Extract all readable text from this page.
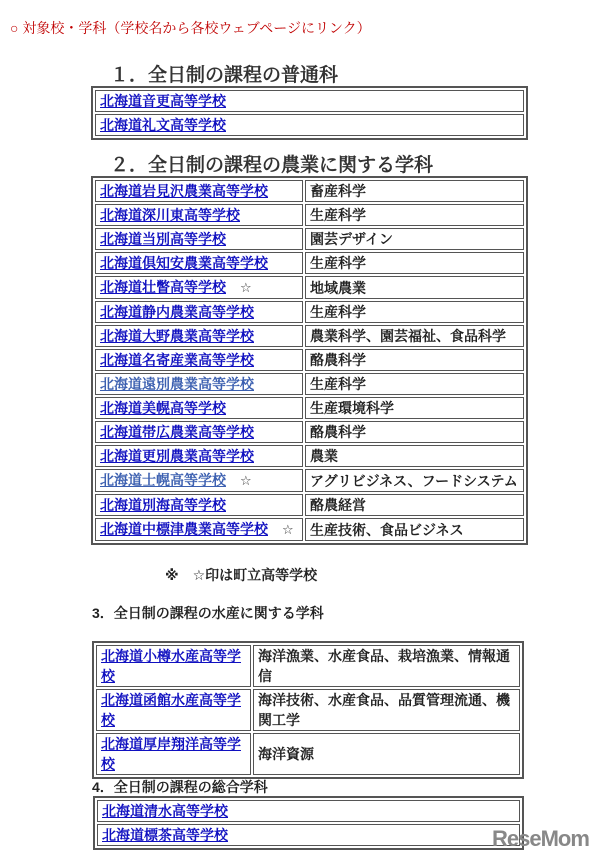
○ 対象校・学科（学校名から各校ウェブページにリンク）
１．全日制の課程の普通科
北海道音更高等学校
北海道礼文高等学校
２．全日制の課程の農業に関する学科
北海道岩見沢農業高等学校	畜産科学
北海道深川東高等学校	生産科学
北海道当別高等学校	園芸デザイン
北海道倶知安農業高等学校	生産科学
北海道壮瞥高等学校 ☆	地域農業
北海道静内農業高等学校	生産科学
北海道大野農業高等学校	農業科学、園芸福祉、食品科学
北海道名寄産業高等学校	酪農科学
北海道遠別農業高等学校	生産科学
北海道美幌高等学校	生産環境科学
北海道帯広農業高等学校	酪農科学
北海道更別農業高等学校	農業
北海道士幌高等学校 ☆	アグリビジネス、フードシステム
北海道別海高等学校	酪農経営
北海道中標津農業高等学校 ☆	生産技術、食品ビジネス
※　☆印は町立高等学校
3．全日制の課程の水産に関する学科
北海道小樽水産高等学校	海洋漁業、水産食品、栽培漁業、情報通信
北海道函館水産高等学校	海洋技術、水産食品、品質管理流通、機関工学
北海道厚岸翔洋高等学校	海洋資源
4．全日制の課程の総合学科
北海道清水高等学校
北海道標茶高等学校	ReseMom
